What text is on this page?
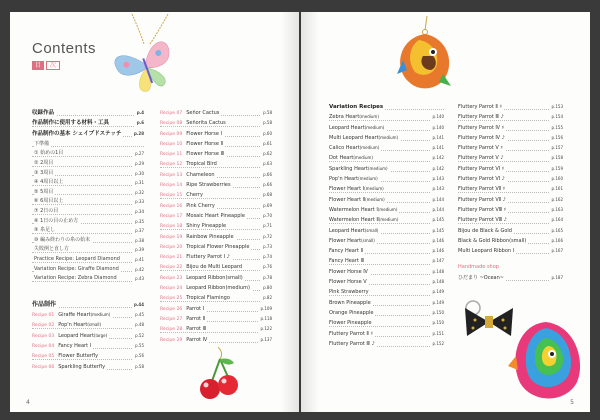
Contents
目	次
収録作品	p.4
作品制作に使用する材料・工具	p.6
作品制作の基本 シェイプドステッチ	p.28
下準備
① 始めの1目	p.27
② 2周目	p.29
③ 3周目	p.30
④ 4周目以上	p.31
⑤ 5周目	p.32
⑥ 6周目以上	p.33
⑦ 2日の目	p.34
⑧ 1日の目の止め方	p.35
⑨ 糸足し	p.37
⑩ 編み終わりの糸の始末	p.38
失敗例と直し方	p.39
Practice Recipe: Leopard Diamond	p.41
Variation Recipe: Giraffe Diamond	p.42
Variation Recipe: Zebra Diamond	p.43
作品制作	p.44
Recipe 01 Giraffe Heart(medium)	p.45
Recipe 02 Pop'n Heart(small)	p.48
Recipe 03 Leopard Heart(large)	p.52
Recipe 04 Fancy Heart Ⅰ	p.55
Recipe 05 Flower Butterfly	p.56
Recipe 06 Sparkling Butterfly	p.58
Recipe 07 Señor Cactus	p.58
Recipe 08 Señorita Cactus	p.58
Recipe 09 Flower Horse Ⅰ	p.60
Recipe 10 Flower Horse Ⅱ	p.61
Recipe 11 Flower Horse Ⅲ	p.62
Recipe 12 Tropical Bird	p.63
Recipe 13 Chameleon	p.66
Recipe 14 Ripe Strawberries	p.66
Recipe 15 Cherry	p.68
Recipe 16 Pink Cherry	p.69
Recipe 17 Mosaic Heart Pineapple	p.70
Recipe 18 Shiny Pineapple	p.71
Recipe 19 Rainbow Pineapple	p.72
Recipe 20 Tropical Flower Pineapple	p.73
Recipe 21 Fluttery Parrot Ⅰ ♪	p.74
Recipe 22 Bijou de Multi Leopard	p.76
Recipe 23 Leopard Ribbon(small)	p.78
Recipe 24 Leopard Ribbon(medium)	p.80
Recipe 25 Tropical Flamingo	p.82
Recipe 26 Parrot Ⅰ	p.109
Recipe 27 Parrot Ⅱ	p.118
Recipe 28 Parrot Ⅲ	p.122
Recipe 29 Parrot Ⅳ	p.137
4
Variation Recipes
Zebra Heart(medium)	p.140
Leopard Heart(medium)	p.140
Multi Leopard Heart(medium)	p.141
Calico Heart(medium)	p.141
Dot Heart(medium)	p.142
Sparkling Heart(medium)	p.142
Pop'n Heart(medium)	p.143
Flower Heart Ⅰ(medium)	p.143
Flower Heart Ⅱ(medium)	p.144
Watermelon Heart Ⅰ(medium)	p.144
Watermelon Heart Ⅱ(medium)	p.145
Leopard Heart(small)	p.145
Flower Heart(small)	p.146
Fancy Heart Ⅱ	p.146
Fancy Heart Ⅲ	p.147
Flower Horse Ⅳ	p.148
Flower Horse Ⅴ	p.148
Pink Strawberry	p.149
Brown Pineapple	p.149
Orange Pineapple	p.150
Flower Pineapple	p.150
Fluttery Parrot Ⅱ ♯	p.151
Fluttery Parrot Ⅲ ♪	p.152
Fluttery Parrot Ⅱ ♯	p.153
Fluttery Parrot Ⅲ ♪	p.154
Fluttery Parrot Ⅳ ♯	p.155
Fluttery Parrot Ⅳ ♪	p.156
Fluttery Parrot Ⅴ ♯	p.157
Fluttery Parrot Ⅴ ♪	p.158
Fluttery Parrot Ⅵ ♯	p.159
Fluttery Parrot Ⅵ ♪	p.160
Fluttery Parrot Ⅶ ♯	p.161
Fluttery Parrot Ⅶ ♪	p.162
Fluttery Parrot Ⅷ ♯	p.163
Fluttery Parrot Ⅷ ♪	p.164
Bijou de Black & Gold	p.165
Black & Gold Ribbon(small)	p.166
Multi Leopard Ribbon Ⅰ	p.167
Handmade shop
ひだまり ~Ocean~	p.187
5
